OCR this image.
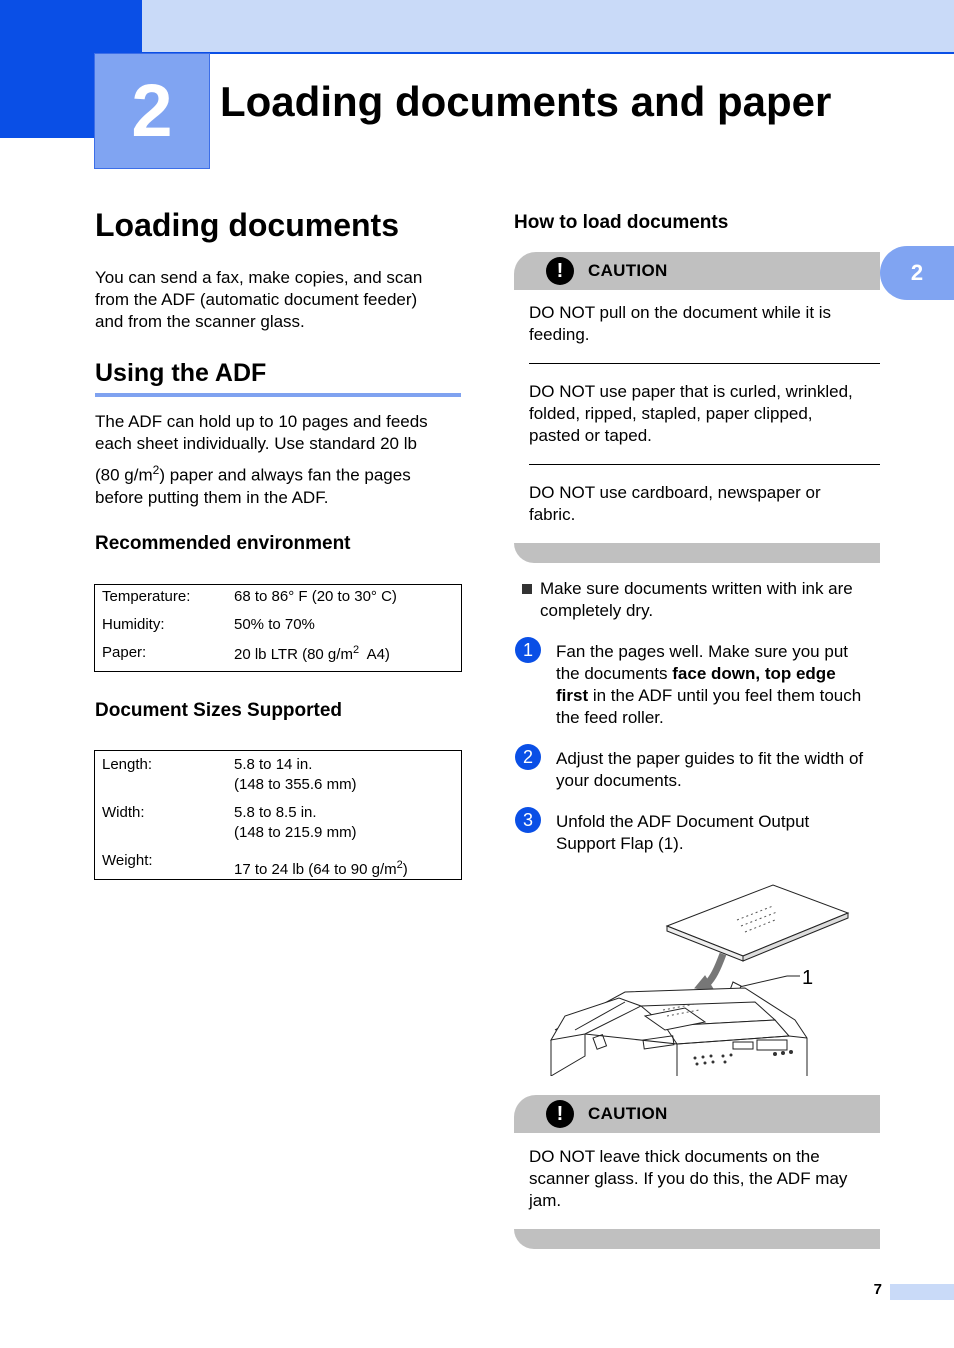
2	Loading documents and paper
2
Loading documents
You can send a fax, make copies, and scan
from the ADF (automatic document feeder)
and from the scanner glass.
Using the ADF
The ADF can hold up to 10 pages and feeds
each sheet individually. Use standard 20 lb
(80 $g/m^2$) paper and always fan the pages
before putting them in the ADF.
Recommended environment
Temperature:	68 to 86° F (20 to 30° C)
Humidity:	50% to 70%
Paper:	20 lb LTR (80 $g/m^2$  A4)
Document Sizes Supported
Length:	5.8 to 14 in.
(148 to 355.6 mm)

Width:	5.8 to 8.5 in.
(148 to 215.9 mm)

Weight:	17 to 24 lb (64 to 90 $g/m^2$)
How to load documents
!	CAUTION
DO NOT pull on the document while it is
feeding.
DO NOT use paper that is curled, wrinkled,
folded, ripped, stapled, paper clipped,
pasted or taped.
DO NOT use cardboard, newspaper or
fabric.
Make sure documents written with ink are
completely dry.
1	Fan the pages well. Make sure you put
the documents face down, top edge
first in the ADF until you feel them touch
the feed roller.
2	Adjust the paper guides to fit the width of
your documents.
3	Unfold the ADF Document Output
Support Flap (1).
1
!	CAUTION
DO NOT leave thick documents on the
scanner glass. If you do this, the ADF may
jam.
7
